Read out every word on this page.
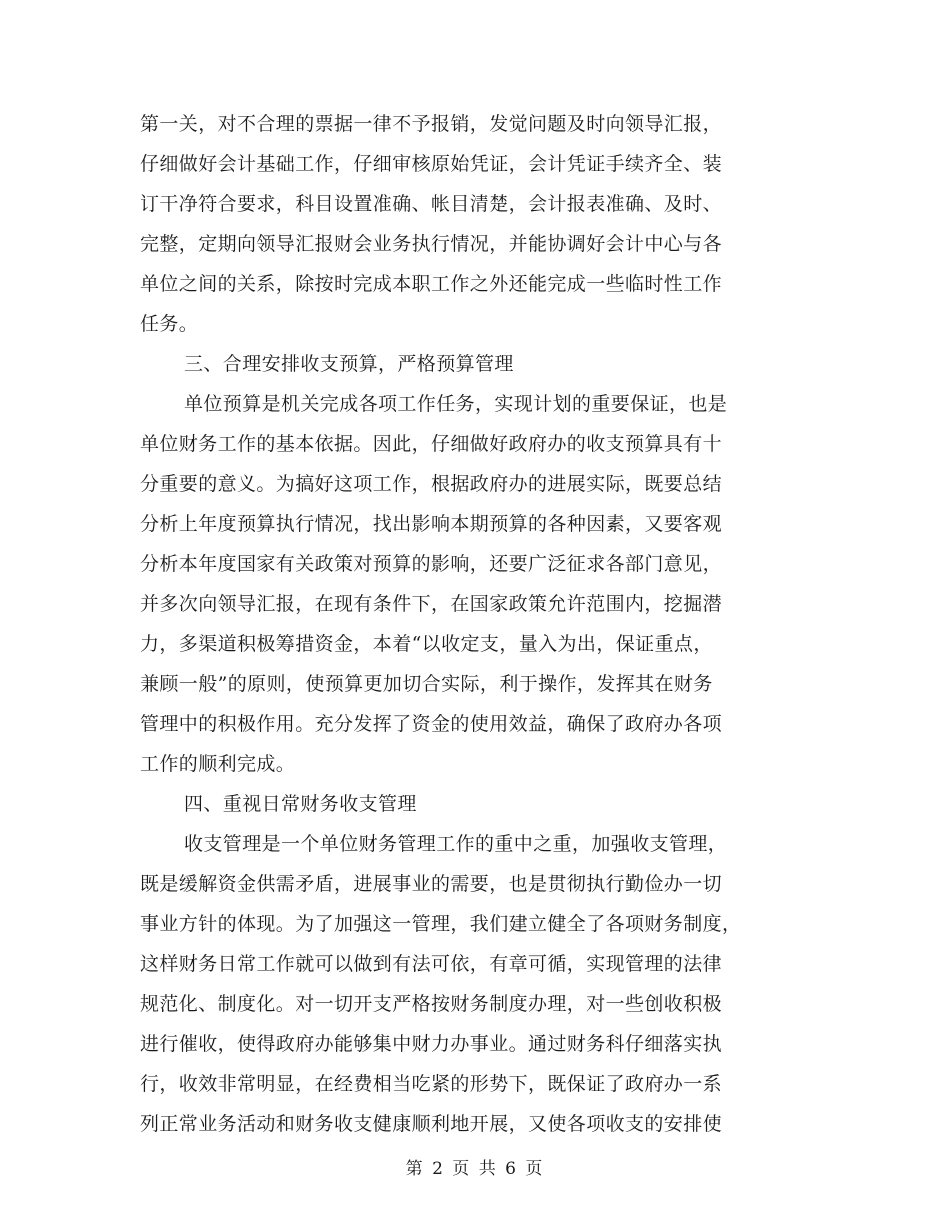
第一关，对不合理的票据一律不予报销，发觉问题及时向领导汇报，
仔细做好会计基础工作，仔细审核原始凭证，会计凭证手续齐全、装
订干净符合要求，科目设置准确、帐目清楚，会计报表准确、及时、
完整，定期向领导汇报财会业务执行情况，并能协调好会计中心与各
单位之间的关系，除按时完成本职工作之外还能完成一些临时性工作
任务。
三、合理安排收支预算，严格预算管理
单位预算是机关完成各项工作任务，实现计划的重要保证，也是
单位财务工作的基本依据。因此，仔细做好政府办的收支预算具有十
分重要的意义。为搞好这项工作，根据政府办的进展实际，既要总结
分析上年度预算执行情况，找出影响本期预算的各种因素，又要客观
分析本年度国家有关政策对预算的影响，还要广泛征求各部门意见，
并多次向领导汇报，在现有条件下，在国家政策允许范围内，挖掘潜
力，多渠道积极筹措资金，本着“以收定支，量入为出，保证重点，
兼顾一般”的原则，使预算更加切合实际，利于操作，发挥其在财务
管理中的积极作用。充分发挥了资金的使用效益，确保了政府办各项
工作的顺利完成。
四、重视日常财务收支管理
收支管理是一个单位财务管理工作的重中之重，加强收支管理，
既是缓解资金供需矛盾，进展事业的需要，也是贯彻执行勤俭办一切
事业方针的体现。为了加强这一管理，我们建立健全了各项财务制度，
这样财务日常工作就可以做到有法可依，有章可循，实现管理的法律
规范化、制度化。对一切开支严格按财务制度办理，对一些创收积极
进行催收，使得政府办能够集中财力办事业。通过财务科仔细落实执
行，收效非常明显，在经费相当吃紧的形势下，既保证了政府办一系
列正常业务活动和财务收支健康顺利地开展，又使各项收支的安排使
第 2 页 共 6 页
